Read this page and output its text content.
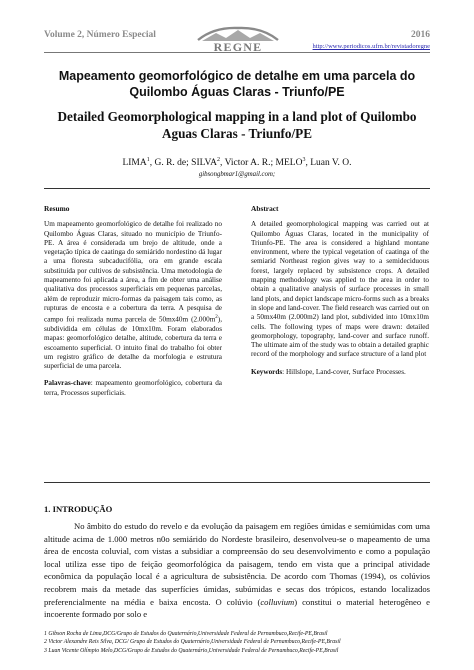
Volume 2, Número Especial
REGNE
2016
http://www.periodicos.ufrn.br/revistadoregne
Mapeamento geomorfológico de detalhe em uma parcela do Quilombo Águas Claras - Triunfo/PE
Detailed Geomorphological mapping in a land plot of Quilombo Aguas Claras - Triunfo/PE
LIMA$^1$, G. R. de; SILVA$^2$, Victor A. R.; MELO$^3$, Luan V. O.
gibsongbmar1@gmail.com;
Resumo

Um mapeamento geomorfológico de detalhe foi realizado no Quilombo Águas Claras, situado no município de Triunfo-PE. A área é considerada um brejo de altitude, onde a vegetação típica de caatinga do semiárido nordestino dá lugar a uma floresta subcaducifólia, ora em grande escala substituída por cultivos de subsistência. Uma metodologia de mapeamento foi aplicada a área, a fim de obter uma análise qualitativa dos processos superficiais em pequenas parcelas, além de reproduzir micro-formas da paisagem tais como, as rupturas de encosta e a cobertura da terra. A pesquisa de campo foi realizada numa parcela de 50mx40m $(2.000m^2)$, subdividida em células de 10mx10m. Foram elaborados mapas: geomorfológico detalhe, altitude, cobertura da terra e escoamento superficial. O intuito final do trabalho foi obter um registro gráfico de detalhe da morfologia e estrutura superficial de uma parcela.

Palavras-chave: mapeamento geomorfológico, cobertura da terra, Processos superficiais.

Abstract

A detailed geomorphological mapping was carried out at Quilombo Águas Claras, located in the municipality of Triunfo-PE. The area is considered a highland montane environment, where the typical vegetation of caatinga of the semiarid Northeast region gives way to a semideciduous forest, largely replaced by subsistence crops. A detailed mapping methodology was applied to the area in order to obtain a qualitative analysis of surface processes in small land plots, and depict landscape micro-forms such as a breaks in slope and land-cover. The field research was carried out on a 50mx40m (2.000m2) land plot, subdivided into 10mx10m cells. The following types of maps were drawn: detailed geomorphology, topography, land-cover and surface runoff. The ultimate aim of the study was to obtain a detailed graphic record of the morphology and surface structure of a land plot

Keywords: Hillslope, Land-cover, Surface Processes.

1. INTRODUÇÃO

No âmbito do estudo do revelo e da evolução da paisagem em regiões úmidas e semiúmidas com uma altitude acima de 1.000 metros n0o semiárido do Nordeste brasileiro, desenvolveu-se o mapeamento de uma área de encosta coluvial, com vistas a subsidiar a compreensão do seu desenvolvimento e como a população local utiliza esse tipo de feição geomorfológica da paisagem, tendo em vista que a principal atividade econômica da população local é a agricultura de subsistência. De acordo com Thomas (1994), os colúvios recobrem mais da metade das superfícies úmidas, subúmidas e secas dos trópicos, estando localizados preferencialmente na média e baixa encosta. O colúvio (colluvium) constitui o material heterogêneo e incoerente formado por solo e

1 Gibson Rocha de Lima,DCG/Grupo de Estudos do Quaternário,Universidade Federal de Pernambuco,Recife-PE,Brasil
2 Victor Alexandre Reis Silva, DCG/ Grupo de Estudos do Quaternário,Universidade Federal de Pernambuco,Recife-PE,Brasil
3 Luan Vicente Olímpio Melo,DCG/Grupo de Estudos do Quaternário,Universidade Federal de Pernambuco,Recife-PE,Brasil
